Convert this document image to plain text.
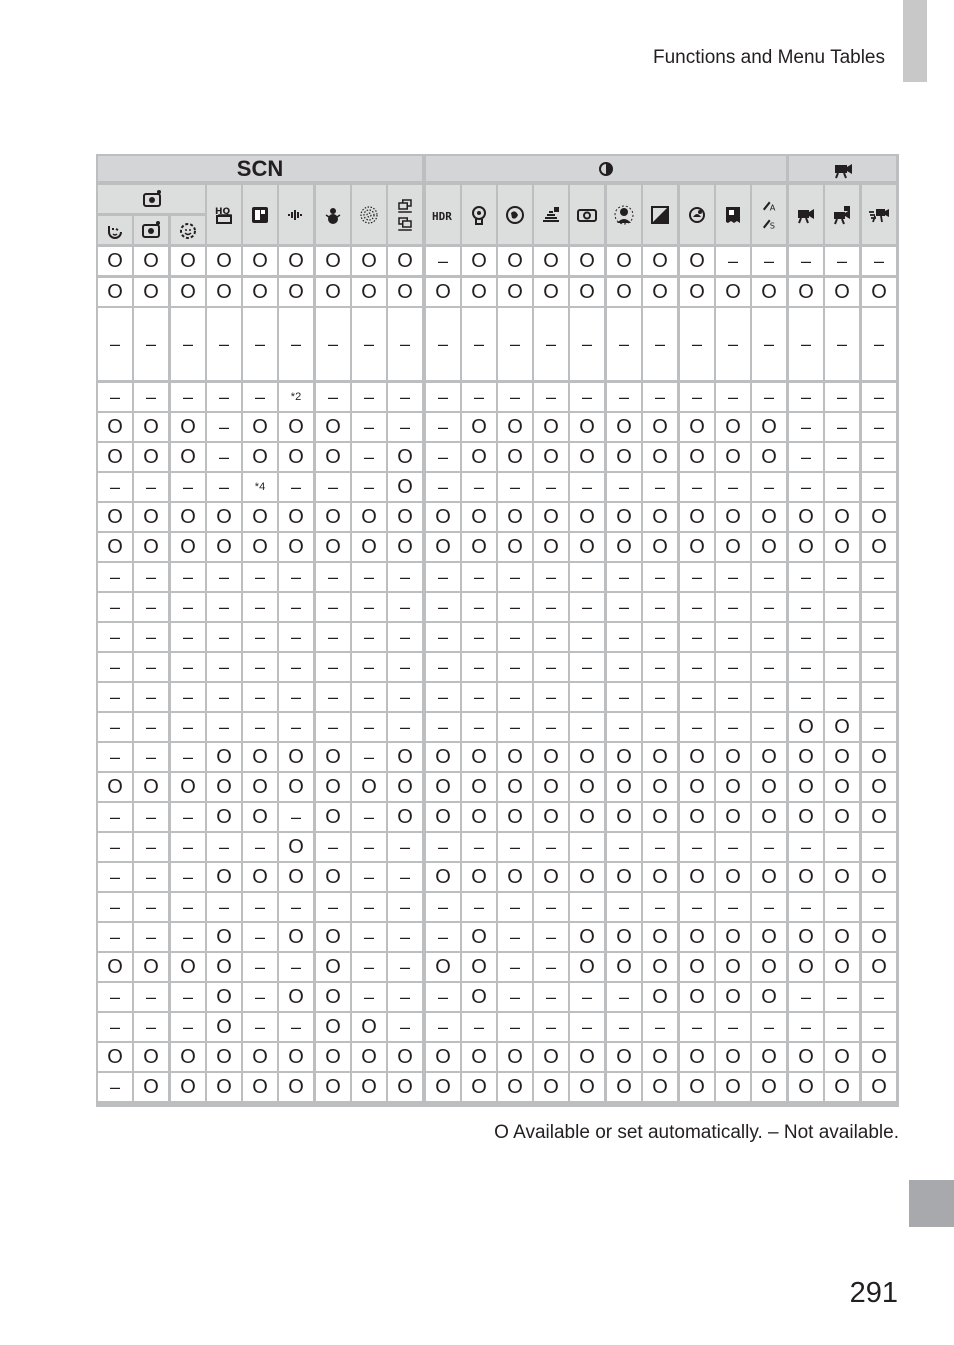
Functions and Menu Tables
SCN
HQ	HDR
A
S
O	O	O	O	O	O	O	O	O	–	O	O	O	O	O	O	O	–	–	–	–	–
O	O	O	O	O	O	O	O	O	O	O	O	O	O	O	O	O	O	O	O	O	O
–	–	–	–	–	–	–	–	–	–	–	–	–	–	–	–	–	–	–	–	–	–
–	–	–	–	–	*2	–	–	–	–	–	–	–	–	–	–	–	–	–	–	–	–
O	O	O	–	O	O	O	–	–	–	O	O	O	O	O	O	O	O	O	–	–	–
O	O	O	–	O	O	O	–	O	–	O	O	O	O	O	O	O	O	O	–	–	–
–	–	–	–	*4	–	–	–	O	–	–	–	–	–	–	–	–	–	–	–	–	–
O	O	O	O	O	O	O	O	O	O	O	O	O	O	O	O	O	O	O	O	O	O
O	O	O	O	O	O	O	O	O	O	O	O	O	O	O	O	O	O	O	O	O	O
–	–	–	–	–	–	–	–	–	–	–	–	–	–	–	–	–	–	–	–	–	–
–	–	–	–	–	–	–	–	–	–	–	–	–	–	–	–	–	–	–	–	–	–
–	–	–	–	–	–	–	–	–	–	–	–	–	–	–	–	–	–	–	–	–	–
–	–	–	–	–	–	–	–	–	–	–	–	–	–	–	–	–	–	–	–	–	–
–	–	–	–	–	–	–	–	–	–	–	–	–	–	–	–	–	–	–	–	–	–
–	–	–	–	–	–	–	–	–	–	–	–	–	–	–	–	–	–	–	O	O	–
–	–	–	O	O	O	O	–	O	O	O	O	O	O	O	O	O	O	O	O	O	O
O	O	O	O	O	O	O	O	O	O	O	O	O	O	O	O	O	O	O	O	O	O
–	–	–	O	O	–	O	–	O	O	O	O	O	O	O	O	O	O	O	O	O	O
–	–	–	–	–	O	–	–	–	–	–	–	–	–	–	–	–	–	–	–	–	–
–	–	–	O	O	O	O	–	–	O	O	O	O	O	O	O	O	O	O	O	O	O
–	–	–	–	–	–	–	–	–	–	–	–	–	–	–	–	–	–	–	–	–	–
–	–	–	O	–	O	O	–	–	–	O	–	–	O	O	O	O	O	O	O	O	O
O	O	O	O	–	–	O	–	–	O	O	–	–	O	O	O	O	O	O	O	O	O
–	–	–	O	–	O	O	–	–	–	O	–	–	–	–	O	O	O	O	–	–	–
–	–	–	O	–	–	O	O	–	–	–	–	–	–	–	–	–	–	–	–	–	–
O	O	O	O	O	O	O	O	O	O	O	O	O	O	O	O	O	O	O	O	O	O
–	O	O	O	O	O	O	O	O	O	O	O	O	O	O	O	O	O	O	O	O	O
O Available or set automatically. – Not available.
291
